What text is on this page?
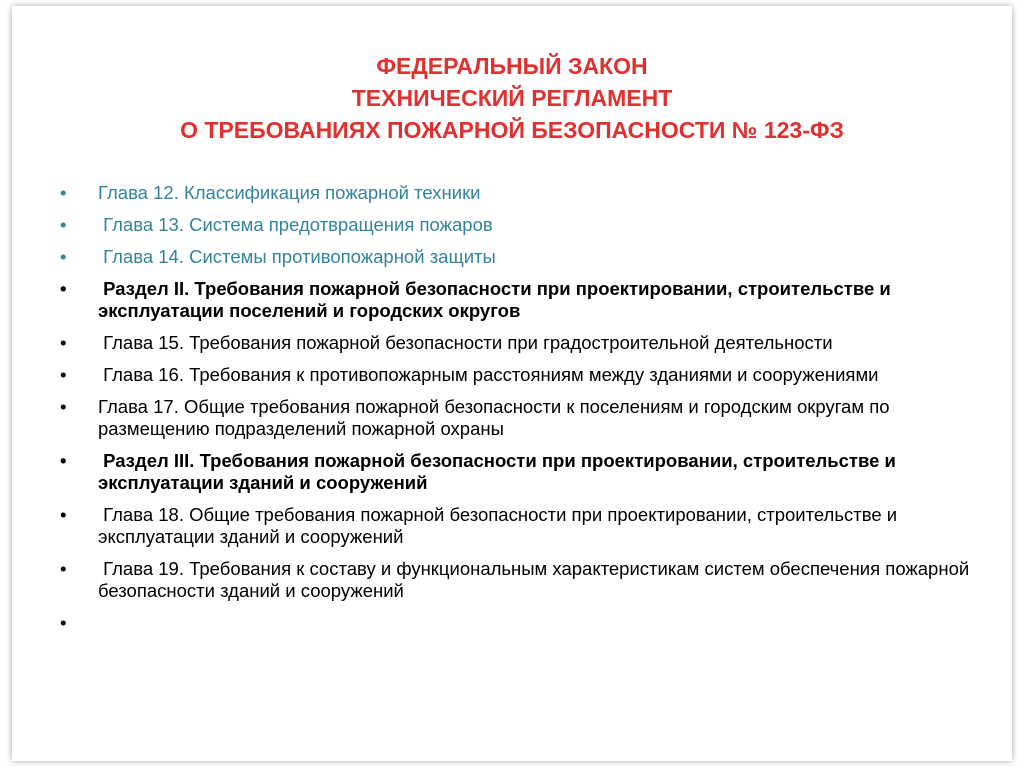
ФЕДЕРАЛЬНЫЙ ЗАКОН
ТЕХНИЧЕСКИЙ РЕГЛАМЕНТ
О ТРЕБОВАНИЯХ ПОЖАРНОЙ БЕЗОПАСНОСТИ № 123-ФЗ
•	Глава 12. Классификация пожарной техники
•	Глава 13. Система предотвращения пожаров
•	Глава 14. Системы противопожарной защиты
•	Раздел II. Требования пожарной безопасности при проектировании, строительстве и эксплуатации поселений и городских округов
•	Глава 15. Требования пожарной безопасности при градостроительной деятельности
•	Глава 16. Требования к противопожарным расстояниям между зданиями и сооружениями
•	Глава 17. Общие требования пожарной безопасности к поселениям и городским округам по размещению подразделений пожарной охраны
•	Раздел III. Требования пожарной безопасности при проектировании, строительстве и эксплуатации зданий и сооружений
•	Глава 18. Общие требования пожарной безопасности при проектировании, строительстве и эксплуатации зданий и сооружений
•	Глава 19. Требования к составу и функциональным характеристикам систем обеспечения пожарной безопасности зданий и сооружений
•
